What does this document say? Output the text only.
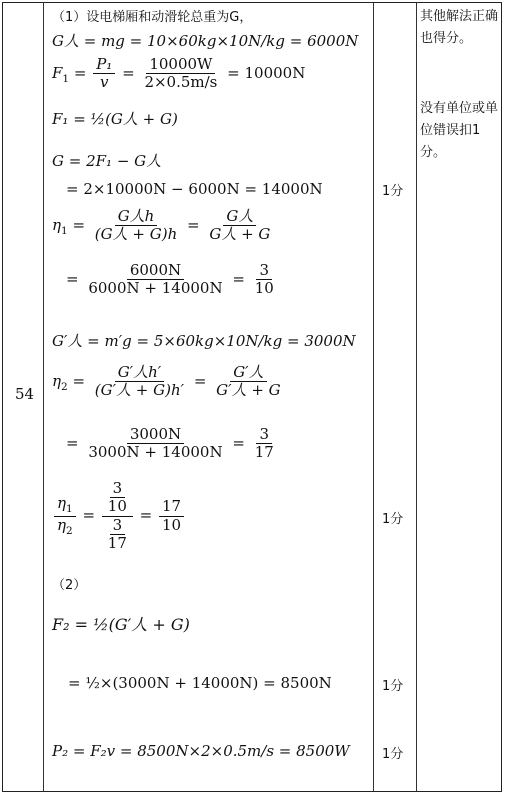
54
其他解法正确也得分。
没有单位或单位错误扣1分。
1分
1分
1分
1分
（1）设电梯厢和动滑轮总重为G，
G人 = mg = 10×60kg×10N/kg = 6000N
$F_1 = \frac{\text{P₁}}{v} = \frac{10000W}{2\times 0.5m/s} = 10000N$
F₁ = ½(G人 + G)
G = 2F₁ − G人
= 2×10000N − 6000N = 14000N
$\eta_1 = \frac{\text{G人h}}{\text{(G人 + G)h}} = \frac{\text{G人}}{\text{G人 + G}}$
= $\frac{6000N}{6000N + 14000N} = \frac{3}{10}$
G′人 = m′g = 5×60kg×10N/kg = 3000N
$\eta_2 = \frac{\text{G′人h′}}{\text{(G′人 + G)h′}} = \frac{\text{G′人}}{\text{G′人 + G}}$
= $\frac{3000N}{3000N + 14000N} = \frac{3}{17}$
$\frac{\eta_1}{\eta_2} = \frac{\frac{3}{10}}{\frac{3}{17}} = \frac{17}{10}$
（2）
F₂ = ½(G′人 + G)
= ½×(3000N + 14000N) = 8500N
P₂ = F₂v = 8500N×2×0.5m/s = 8500W
